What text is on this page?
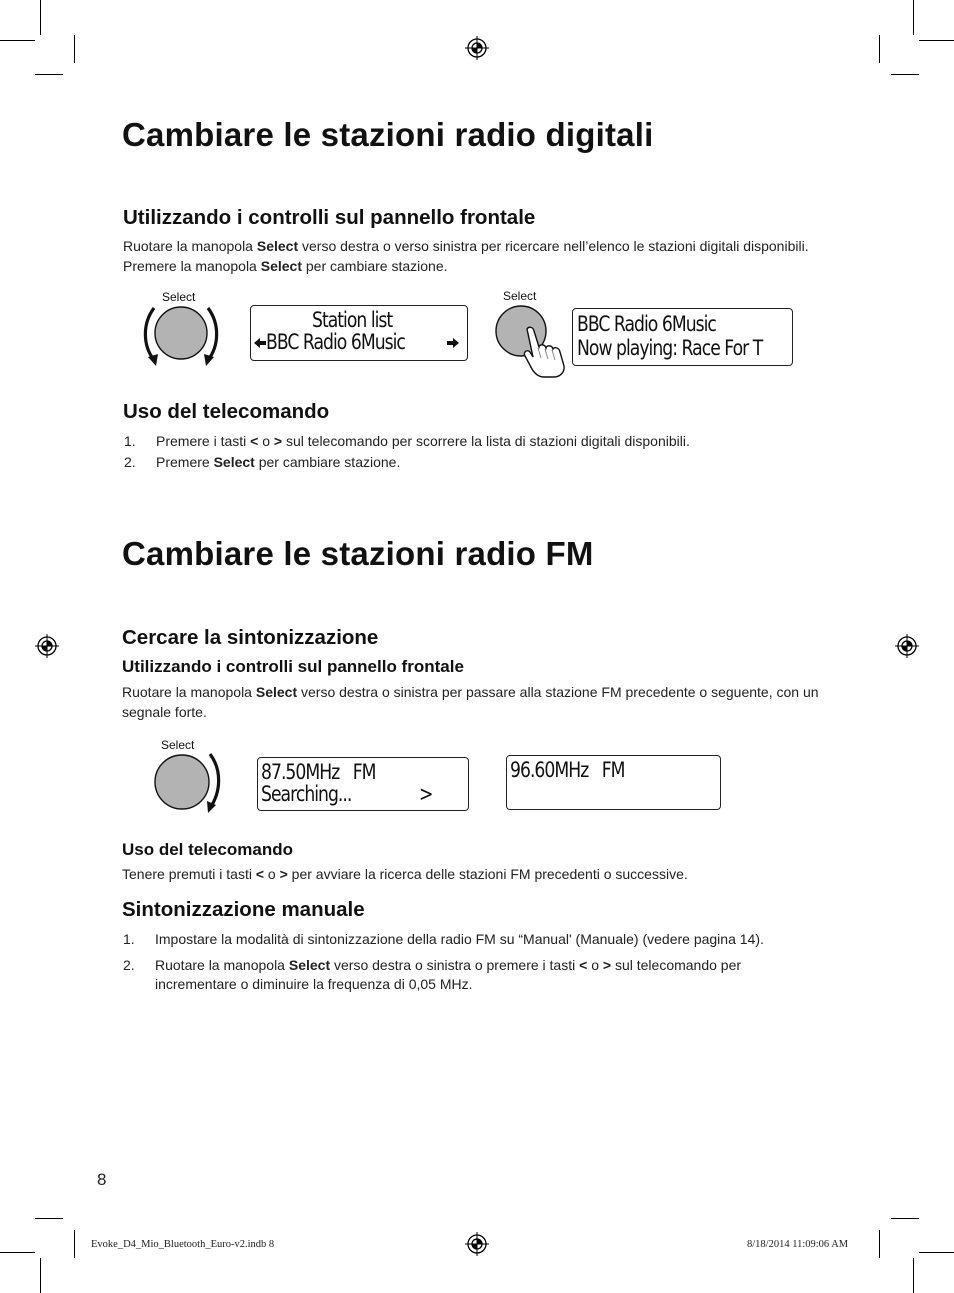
Cambiare le stazioni radio digitali
Utilizzando i controlli sul pannello frontale

Ruotare la manopola Select verso destra o verso sinistra per ricercare nell’elenco le stazioni digitali disponibili. Premere la manopola Select per cambiare stazione.

Select
Station list
BBC Radio 6Music
Select
BBC Radio 6Music
Now playing: Race For T
Uso del telecomando
1. Premere i tasti < o > sul telecomando per scorrere la lista di stazioni digitali disponibili.
2. Premere Select per cambiare stazione.
Cambiare le stazioni radio FM
Cercare la sintonizzazione
Utilizzando i controlli sul pannello frontale

Ruotare la manopola Select verso destra o sinistra per passare alla stazione FM precedente o seguente, con un segnale forte.

Select
87.50MHz   FM
Searching...	>
96.60MHz   FM
Uso del telecomando

Tenere premuti i tasti < o > per avviare la ricerca delle stazioni FM precedenti o successive.

Sintonizzazione manuale
1. Impostare la modalità di sintonizzazione della radio FM su “Manual' (Manuale) (vedere pagina 14).
2. Ruotare la manopola Select verso destra o sinistra o premere i tasti < o > sul telecomando per incrementare o diminuire la frequenza di 0,05 MHz.
8
Evoke_D4_Mio_Bluetooth_Euro-v2.indb 8	8/18/2014 11:09:06 AM
